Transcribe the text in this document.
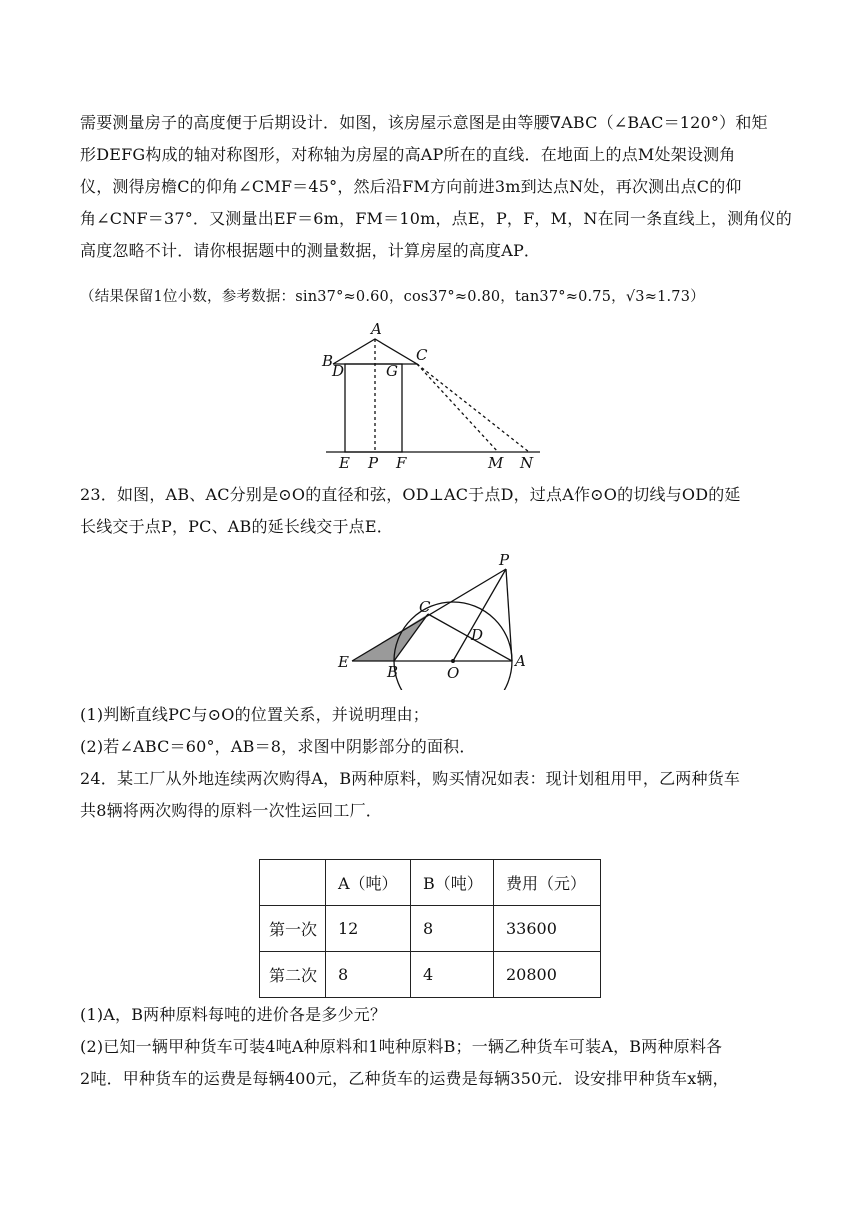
需要测量房子的高度便于后期设计．如图，该房屋示意图是由等腰∇ABC（∠BAC＝120°）和矩
形DEFG构成的轴对称图形，对称轴为房屋的高AP所在的直线．在地面上的点M处架设测角
仪，测得房檐C的仰角∠CMF＝45°，然后沿FM方向前进3m到达点N处，再次测出点C的仰
角∠CNF＝37°．又测量出EF＝6m，FM＝10m，点E，P，F，M，N在同一条直线上，测角仪的
高度忽略不计．请你根据题中的测量数据，计算房屋的高度AP．
（结果保留1位小数，参考数据：sin37°≈0.60，cos37°≈0.80，tan37°≈0.75，√3≈1.73）
A
B
D	G
C
E P F	M N
23．如图，AB、AC分别是⊙O的直径和弦，OD⊥AC于点D，过点A作⊙O的切线与OD的延
长线交于点P，PC、AB的延长线交于点E．
P
C
D
E
B	O
A
(1)判断直线PC与⊙O的位置关系，并说明理由；
(2)若∠ABC＝60°，AB＝8，求图中阴影部分的面积．
24．某工厂从外地连续两次购得A，B两种原料，购买情况如表：现计划租用甲，乙两种货车
共8辆将两次购得的原料一次性运回工厂．
	A（吨）	B（吨）	费用（元）
第一次	12	8	33600
第二次	8	4	20800
(1)A，B两种原料每吨的进价各是多少元？
(2)已知一辆甲种货车可装4吨A种原料和1吨种原料B；一辆乙种货车可装A，B两种原料各
2吨．甲种货车的运费是每辆400元，乙种货车的运费是每辆350元．设安排甲种货车x辆，
